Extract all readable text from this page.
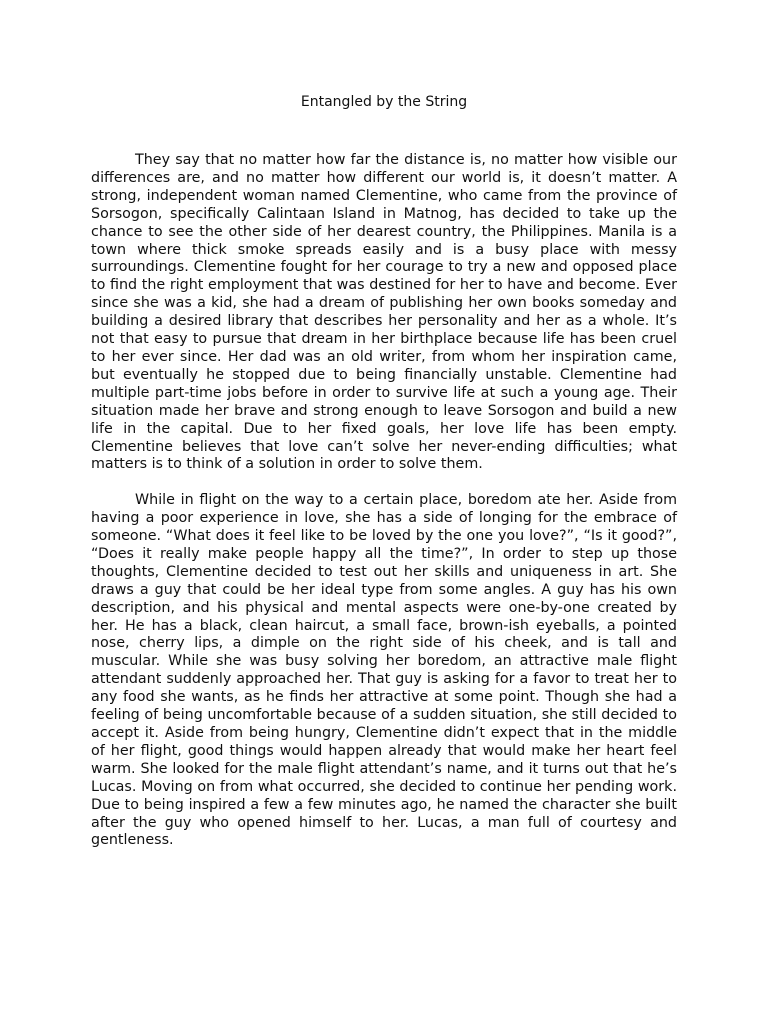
Entangled by the String

They say that no matter how far the distance is, no matter how visible our differences are, and no matter how different our world is, it doesn’t matter. A strong, independent woman named Clementine, who came from the province of Sorsogon, specifically Calintaan Island in Matnog, has decided to take up the chance to see the other side of her dearest country, the Philippines. Manila is a town where thick smoke spreads easily and is a busy place with messy surroundings. Clementine fought for her courage to try a new and opposed place to find the right employment that was destined for her to have and become. Ever since she was a kid, she had a dream of publishing her own books someday and building a desired library that describes her personality and her as a whole. It’s not that easy to pursue that dream in her birthplace because life has been cruel to her ever since. Her dad was an old writer, from whom her inspiration came, but eventually he stopped due to being financially unstable. Clementine had multiple part-time jobs before in order to survive life at such a young age. Their situation made her brave and strong enough to leave Sorsogon and build a new life in the capital. Due to her fixed goals, her love life has been empty. Clementine believes that love can’t solve her never-ending difficulties; what matters is to think of a solution in order to solve them.

While in flight on the way to a certain place, boredom ate her. Aside from having a poor experience in love, she has a side of longing for the embrace of someone. “What does it feel like to be loved by the one you love?”, “Is it good?”, “Does it really make people happy all the time?”, In order to step up those thoughts, Clementine decided to test out her skills and uniqueness in art. She draws a guy that could be her ideal type from some angles. A guy has his own description, and his physical and mental aspects were one-by-one created by her. He has a black, clean haircut, a small face, brown-ish eyeballs, a pointed nose, cherry lips, a dimple on the right side of his cheek, and is tall and muscular. While she was busy solving her boredom, an attractive male flight attendant suddenly approached her. That guy is asking for a favor to treat her to any food she wants, as he finds her attractive at some point. Though she had a feeling of being uncomfortable because of a sudden situation, she still decided to accept it. Aside from being hungry, Clementine didn’t expect that in the middle of her flight, good things would happen already that would make her heart feel warm. She looked for the male flight attendant’s name, and it turns out that he’s Lucas. Moving on from what occurred, she decided to continue her pending work. Due to being inspired a few a few minutes ago, he named the character she built after the guy who opened himself to her. Lucas, a man full of courtesy and gentleness.
